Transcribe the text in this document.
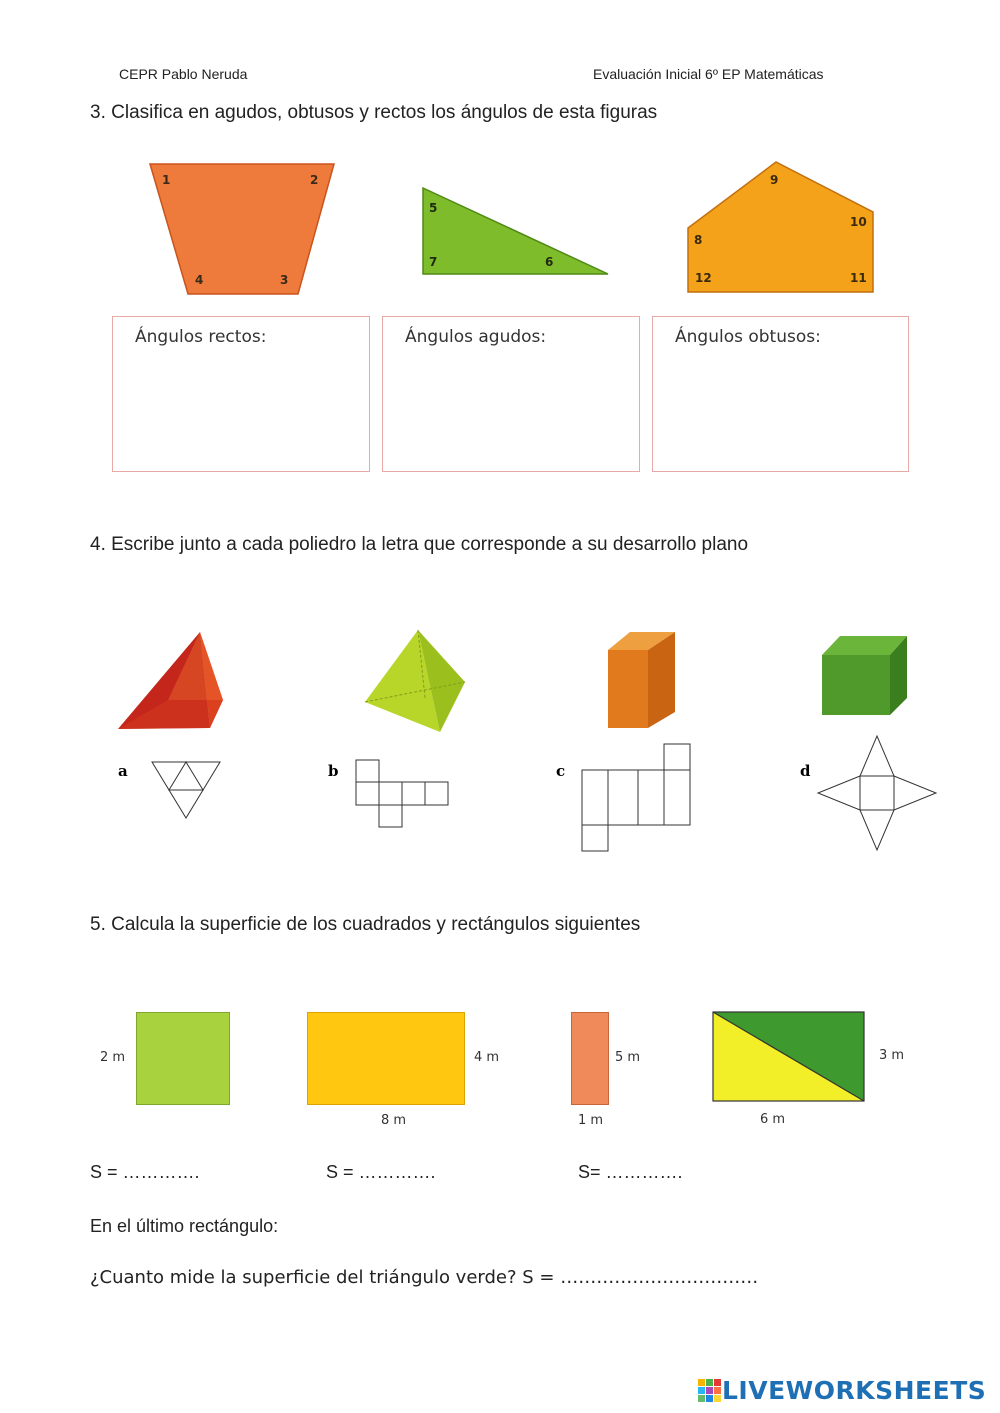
CEPR Pablo Neruda	Evaluación Inicial 6º EP Matemáticas
3. Clasifica en agudos, obtusos y rectos los ángulos de esta figuras
1	2
3
4
5
6
7
8
9
10
11
12
Ángulos rectos:	Ángulos agudos:	Ángulos obtusos:
4. Escribe junto a cada poliedro la letra que corresponde a su desarrollo plano
a	b	c	d
5. Calcula la superficie de los cuadrados y rectángulos siguientes
2 m	4 m
8 m
5 m
1 m
3 m
6 m
S = ………….	S = ………….	S= ………….
En el último rectángulo:
¿Cuanto mide la superficie del triángulo verde? S = ……………………………
LIVEWORKSHEETS
